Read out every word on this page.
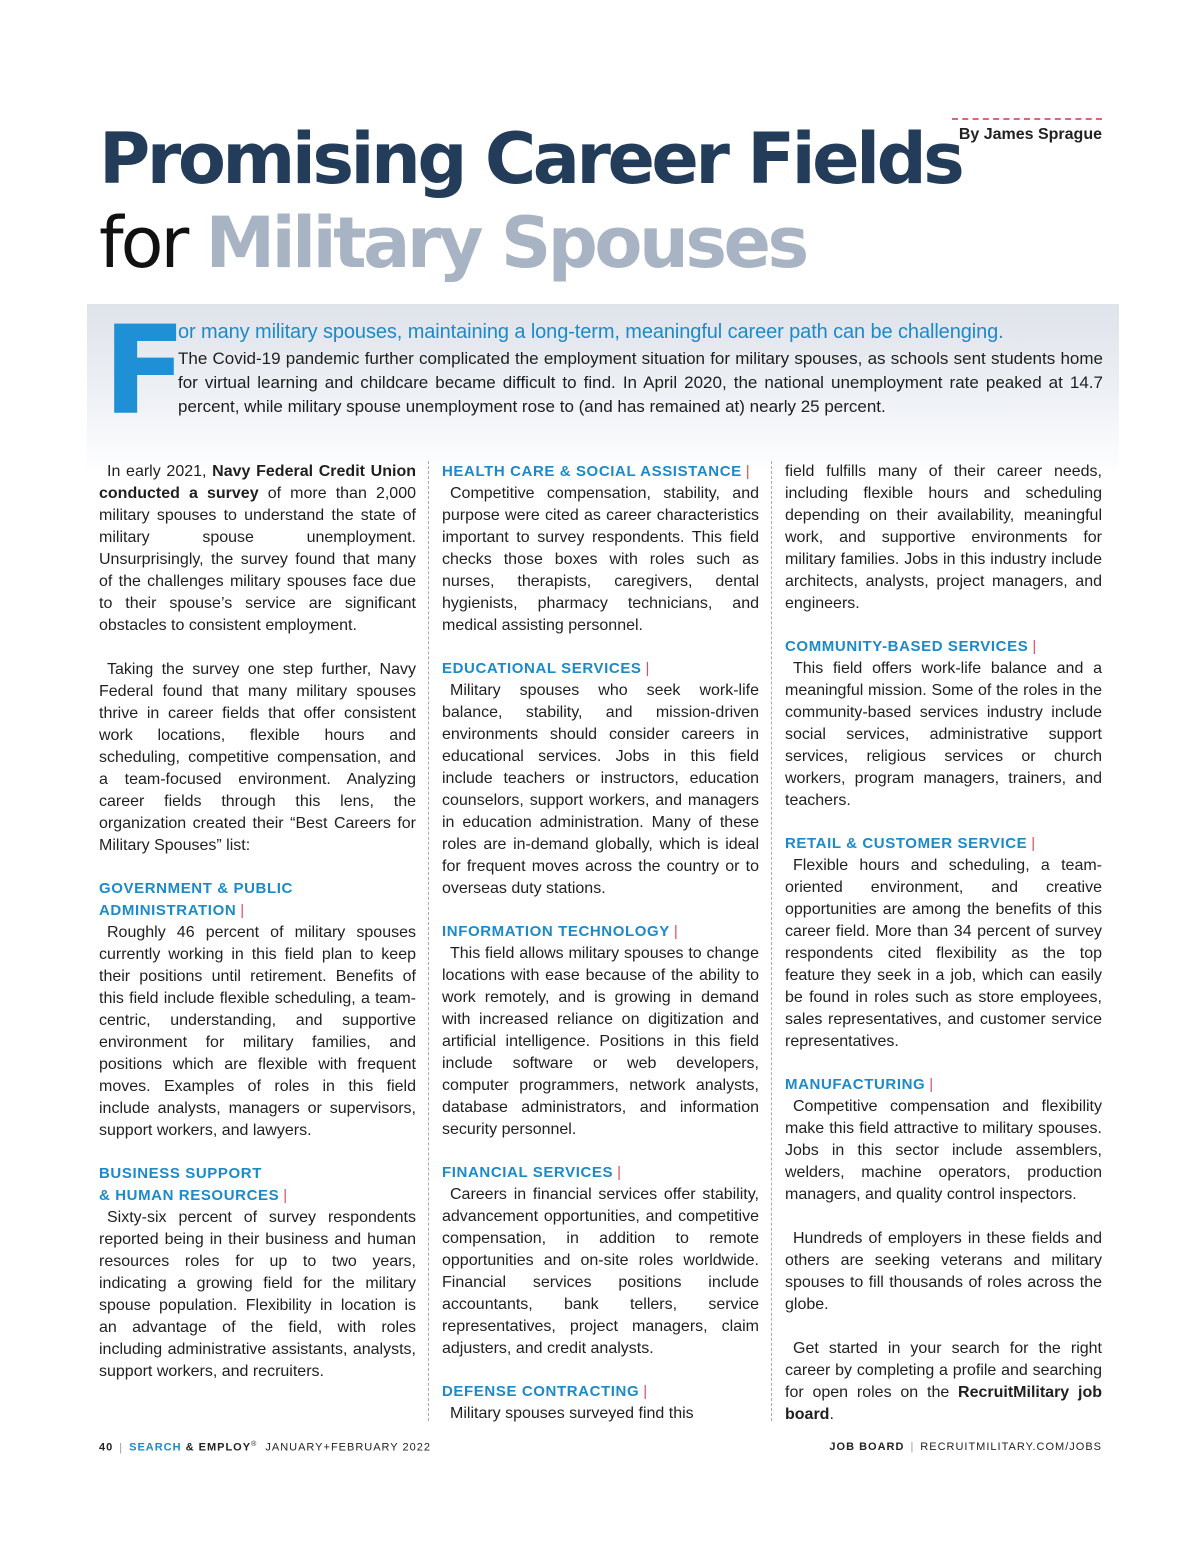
Promising Career Fields
for Military Spouses
By James Sprague
F
or many military spouses, maintaining a long-term, meaningful career path can be challenging.
The Covid-19 pandemic further complicated the employment situation for military spouses, as schools sent students home for virtual learning and childcare became difficult to find. In April 2020, the national unemployment rate peaked at 14.7 percent, while military spouse unemployment rose to (and has remained at) nearly 25 percent.

In early 2021, Navy Federal Credit Union conducted a survey of more than 2,000 military spouses to understand the state of military spouse unemployment. Unsurprisingly, the survey found that many of the challenges military spouses face due to their spouse’s service are significant obstacles to consistent employment.

Taking the survey one step further, Navy Federal found that many military spouses thrive in career fields that offer consistent work locations, flexible hours and scheduling, competitive compensation, and a team-focused environment. Analyzing career fields through this lens, the organization created their “Best Careers for Military Spouses” list:

GOVERNMENT & PUBLIC
ADMINISTRATION |

Roughly 46 percent of military spouses currently working in this field plan to keep their positions until retirement. Benefits of this field include flexible scheduling, a team-centric, understanding, and supportive environment for military families, and positions which are flexible with frequent moves. Examples of roles in this field include analysts, managers or supervisors, support workers, and lawyers.

BUSINESS SUPPORT
& HUMAN RESOURCES |

Sixty-six percent of survey respondents reported being in their business and human resources roles for up to two years, indicating a growing field for the military spouse population. Flexibility in location is an advantage of the field, with roles including administrative assistants, analysts, support workers, and recruiters.

HEALTH CARE & SOCIAL ASSISTANCE |

Competitive compensation, stability, and purpose were cited as career characteristics important to survey respondents. This field checks those boxes with roles such as nurses, therapists, caregivers, dental hygienists, pharmacy technicians, and medical assisting personnel.

EDUCATIONAL SERVICES |

Military spouses who seek work-life balance, stability, and mission-driven environments should consider careers in educational services. Jobs in this field include teachers or instructors, education counselors, support workers, and managers in education administration. Many of these roles are in-demand globally, which is ideal for frequent moves across the country or to overseas duty stations.

INFORMATION TECHNOLOGY |

This field allows military spouses to change locations with ease because of the ability to work remotely, and is growing in demand with increased reliance on digitization and artificial intelligence. Positions in this field include software or web developers, computer programmers, network analysts, database administrators, and information security personnel.

FINANCIAL SERVICES |

Careers in financial services offer stability, advancement opportunities, and competitive compensation, in addition to remote opportunities and on-site roles worldwide. Financial services positions include accountants, bank tellers, service representatives, project managers, claim adjusters, and credit analysts.

DEFENSE CONTRACTING |

Military spouses surveyed find this

field fulfills many of their career needs, including flexible hours and scheduling depending on their availability, meaningful work, and supportive environments for military families. Jobs in this industry include architects, analysts, project managers, and engineers.

COMMUNITY-BASED SERVICES |

This field offers work-life balance and a meaningful mission. Some of the roles in the community-based services industry include social services, administrative support services, religious services or church workers, program managers, trainers, and teachers.

RETAIL & CUSTOMER SERVICE |

Flexible hours and scheduling, a team-oriented environment, and creative opportunities are among the benefits of this career field. More than 34 percent of survey respondents cited flexibility as the top feature they seek in a job, which can easily be found in roles such as store employees, sales representatives, and customer service representatives.

MANUFACTURING |

Competitive compensation and flexibility make this field attractive to military spouses. Jobs in this sector include assemblers, welders, machine operators, production managers, and quality control inspectors.

Hundreds of employers in these fields and others are seeking veterans and military spouses to fill thousands of roles across the globe.

Get started in your search for the right career by completing a profile and searching for open roles on the RecruitMilitary job board.

40 | SEARCH & EMPLOY® JANUARY+FEBRUARY 2022	JOB BOARD | RECRUITMILITARY.COM/JOBS
